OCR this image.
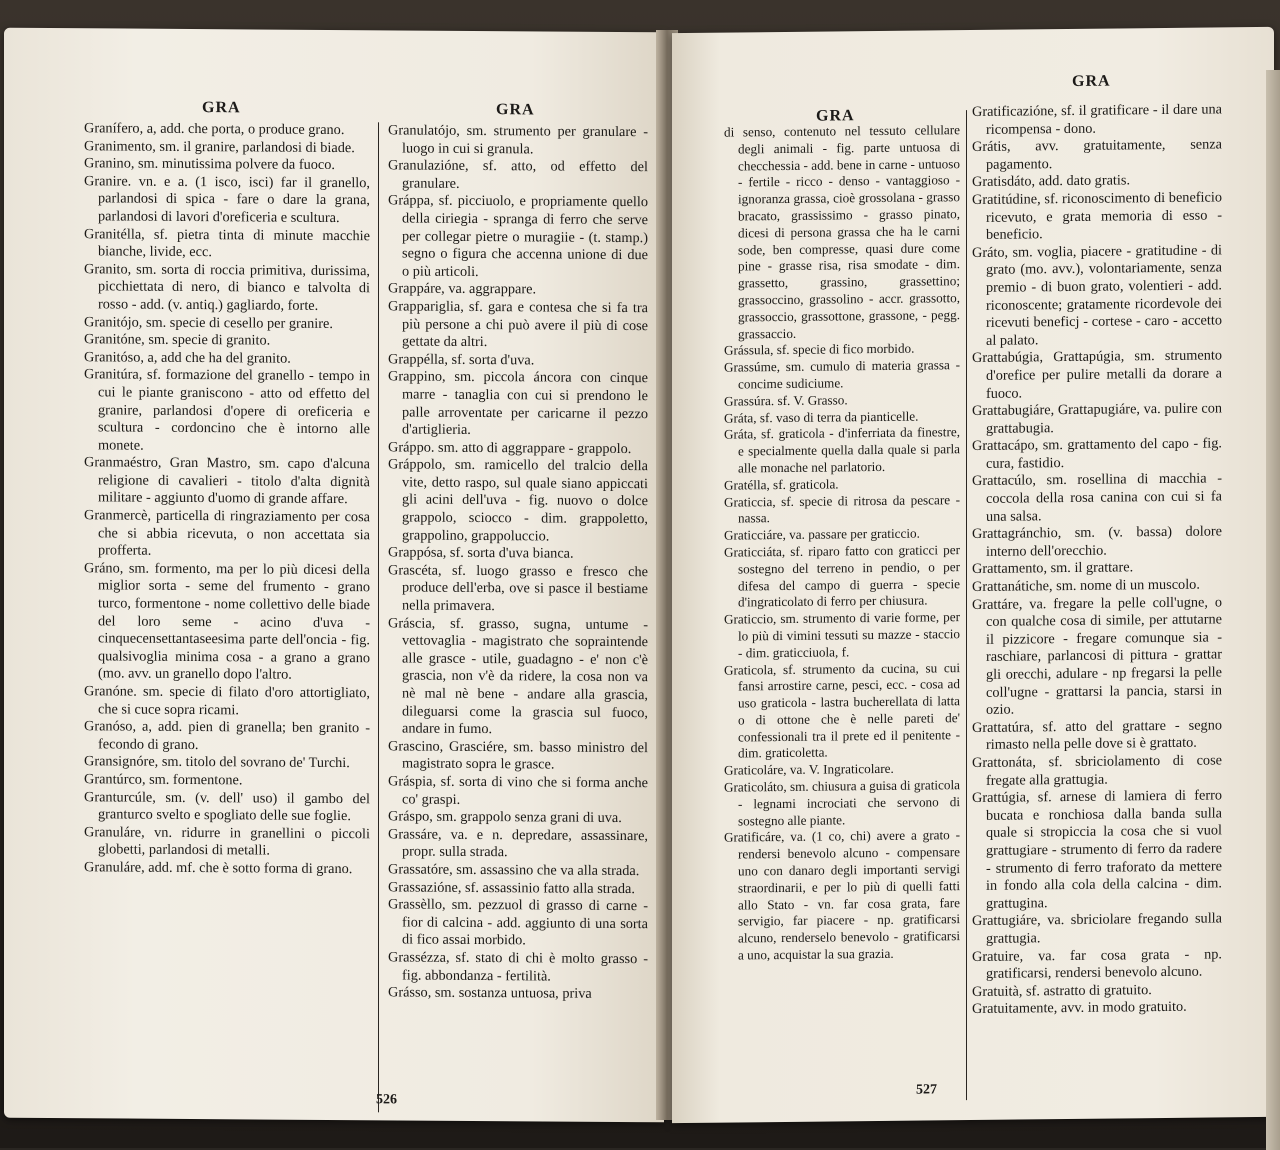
GRA	GRA

Granífero, a, add. che porta, o produce grano.

Granimento, sm. il granire, parlandosi di biade.

Granino, sm. minutissima polvere da fuoco.

Granire. vn. e a. (1 isco, isci) far il granello, parlandosi di spica - fare o dare la grana, parlandosi di lavori d'oreficeria e scultura.

Granitélla, sf. pietra tinta di minute macchie bianche, livide, ecc.

Granito, sm. sorta di roccia primitiva, durissima, picchiettata di nero, di bianco e talvolta di rosso - add. (v. antiq.) gagliardo, forte.

Granitójo, sm. specie di cesello per granire.

Granitóne, sm. specie di granito.

Granitóso, a, add che ha del granito.

Granitúra, sf. formazione del granello - tempo in cui le piante graniscono - atto od effetto del granire, parlandosi d'opere di oreficeria e scultura - cordoncino che è intorno alle monete.

Granmaéstro, Gran Mastro, sm. capo d'alcuna religione di cavalieri - titolo d'alta dignità militare - aggiunto d'uomo di grande affare.

Granmercè, particella di ringraziamento per cosa che si abbia ricevuta, o non accettata sia profferta.

Gráno, sm. formento, ma per lo più dicesi della miglior sorta - seme del frumento - grano turco, formentone - nome collettivo delle biade del loro seme - acino d'uva - cinquecensettantaseesima parte dell'oncia - fig. qualsivoglia minima cosa - a grano a grano (mo. avv. un granello dopo l'altro.

Granóne. sm. specie di filato d'oro attortigliato, che si cuce sopra ricami.

Granóso, a, add. pien di granella; ben granito - fecondo di grano.

Gransignóre, sm. titolo del sovrano de' Turchi.

Grantúrco, sm. formentone.

Granturcúle, sm. (v. dell' uso) il gambo del granturco svelto e spogliato delle sue foglie.

Granuláre, vn. ridurre in granellini o piccoli globetti, parlandosi di metalli.

Granuláre, add. mf. che è sotto forma di grano.

Granulatójo, sm. strumento per granulare - luogo in cui si granula.

Granulazióne, sf. atto, od effetto del granulare.

Gráppa, sf. picciuolo, e propriamente quello della ciriegia - spranga di ferro che serve per collegar pietre o muragiie - (t. stamp.) segno o figura che accenna unione di due o più articoli.

Grappáre, va. aggrappare.

Grappariglia, sf. gara e contesa che si fa tra più persone a chi può avere il più di cose gettate da altri.

Grappélla, sf. sorta d'uva.

Grappino, sm. piccola áncora con cinque marre - tanaglia con cui si prendono le palle arroventate per caricarne il pezzo d'artiglieria.

Gráppo. sm. atto di aggrappare - grappolo.

Gráppolo, sm. ramicello del tralcio della vite, detto raspo, sul quale siano appiccati gli acini dell'uva - fig. nuovo o dolce grappolo, sciocco - dim. grappoletto, grappolino, grappoluccio.

Grappósa, sf. sorta d'uva bianca.

Grascéta, sf. luogo grasso e fresco che produce dell'erba, ove si pasce il bestiame nella primavera.

Grásciа, sf. grasso, sugna, untume - vettovaglia - magistrato che sopraintende alle grasce - utile, guadagno - e' non c'è grascia, non v'è da ridere, la cosa non va nè mal nè bene - andare alla grascia, dileguarsi come la grascia sul fuoco, andare in fumo.

Grascino, Grasciére, sm. basso ministro del magistrato sopra le grasce.

Gráspia, sf. sorta di vino che si forma anche co' graspi.

Gráspo, sm. grappolo senza grani di uva.

Grassáre, va. e n. depredare, assassinare, propr. sulla strada.

Grassatóre, sm. assassino che va alla strada.

Grassazióne, sf. assassinio fatto alla strada.

Grassèllo, sm. pezzuol di grasso di carne - fior di calcina - add. aggiunto di una sorta di fico assai morbido.

Grassézza, sf. stato di chi è molto grasso - fig. abbondanza - fertilità.

Grásso, sm. sostanza untuosa, priva

526
GRA
GRA

di senso, contenuto nel tessuto cellulare degli animali - fig. parte untuosa di checchessia - add. bene in carne - untuoso - fertile - ricco - denso - vantaggioso - ignoranza grassa, cioè grossolana - grasso bracato, grassissimo - grasso pinato, dicesi di persona grassa che ha le carni sode, ben compresse, quasi dure come pine - grasse risa, risa smodate - dim. grassetto, grassino, grassettino; grassoccino, grassolino - accr. grassotto, grassoccio, grassottone, grassone, - pegg. grassaccio.

Grássula, sf. specie di fico morbido.

Grassúme, sm. cumulo di materia grassa - concime sudiciume.

Grassúra. sf. V. Grasso.

Gráta, sf. vaso di terra da pianticelle.

Gráta, sf. graticola - d'inferriata da finestre, e specialmente quella dalla quale si parla alle monache nel parlatorio.

Gratélla, sf. graticola.

Graticcia, sf. specie di ritrosa da pescare - nassa.

Graticciáre, va. passare per graticcio.

Graticciáta, sf. riparo fatto con graticci per sostegno del terreno in pendio, o per difesa del campo di guerra - specie d'ingraticolato di ferro per chiusura.

Graticcio, sm. strumento di varie forme, per lo più di vimini tessuti su mazze - staccio - dim. graticciuola, f.

Graticola, sf. strumento da cucina, su cui fansi arrostire carne, pesci, ecc. - cosa ad uso graticola - lastra bucherellata di latta o di ottone che è nelle pareti de' confessionali tra il prete ed il penitente - dim. graticoletta.

Graticoláre, va. V. Ingraticolare.

Graticoláto, sm. chiusura a guisa di graticola - legnami incrociati che servono di sostegno alle piante.

Gratificáre, va. (1 co, chi) avere a grato - rendersi benevolo alcuno - compensare uno con danaro degli importanti servigi straordinarii, e per lo più di quelli fatti allo Stato - vn. far cosa grata, fare servigio, far piacere - np. gratificarsi alcuno, renderselo benevolo - gratificarsi a uno, acquistar la sua grazia.

Gratificazióne, sf. il gratificare - il dare una ricompensa - dono.

Grátis, avv. gratuitamente, senza pagamento.

Gratisdáto, add. dato gratis.

Gratitúdine, sf. riconoscimento di beneficio ricevuto, e grata memoria di esso - beneficio.

Gráto, sm. voglia, piacere - gratitudine - di grato (mo. avv.), volontariamente, senza premio - di buon grato, volentieri - add. riconoscente; gratamente ricordevole dei ricevuti beneficj - cortese - caro - accetto al palato.

Grattabúgia, Grattapúgia, sm. strumento d'orefice per pulire metalli da dorare a fuoco.

Grattabugiáre, Grattapugiáre, va. pulire con grattabugia.

Grattacápo, sm. grattamento del capo - fig. cura, fastidio.

Grattacúlo, sm. rosellina di macchia - coccola della rosa canina con cui si fa una salsa.

Grattagránchio, sm. (v. bassa) dolore interno dell'orecchio.

Grattamento, sm. il grattare.

Grattanátiche, sm. nome di un muscolo.

Grattáre, va. fregare la pelle coll'ugne, o con qualche cosa di simile, per attutarne il pizzicore - fregare comunque sia - raschiare, parlancosi di pittura - grattar gli orecchi, adulare - np fregarsi la pelle coll'ugne - grattarsi la pancia, starsi in ozio.

Grattatúra, sf. atto del grattare - segno rimasto nella pelle dove si è grattato.

Grattonáta, sf. sbriciolamento di cose fregate alla grattugia.

Grattúgia, sf. arnese di lamiera di ferro bucata e ronchiosa dalla banda sulla quale si stropiccia la cosa che si vuol grattugiare - strumento di ferro da radere - strumento di ferro traforato da mettere in fondo alla cola della calcina - dim. grattugina.

Grattugiáre, va. sbriciolare fregando sulla grattugia.

Gratuire, va. far cosa grata - np. gratificarsi, rendersi benevolo alcuno.

Gratuità, sf. astratto di gratuito.

Gratuitamente, avv. in modo gratuito.

527
